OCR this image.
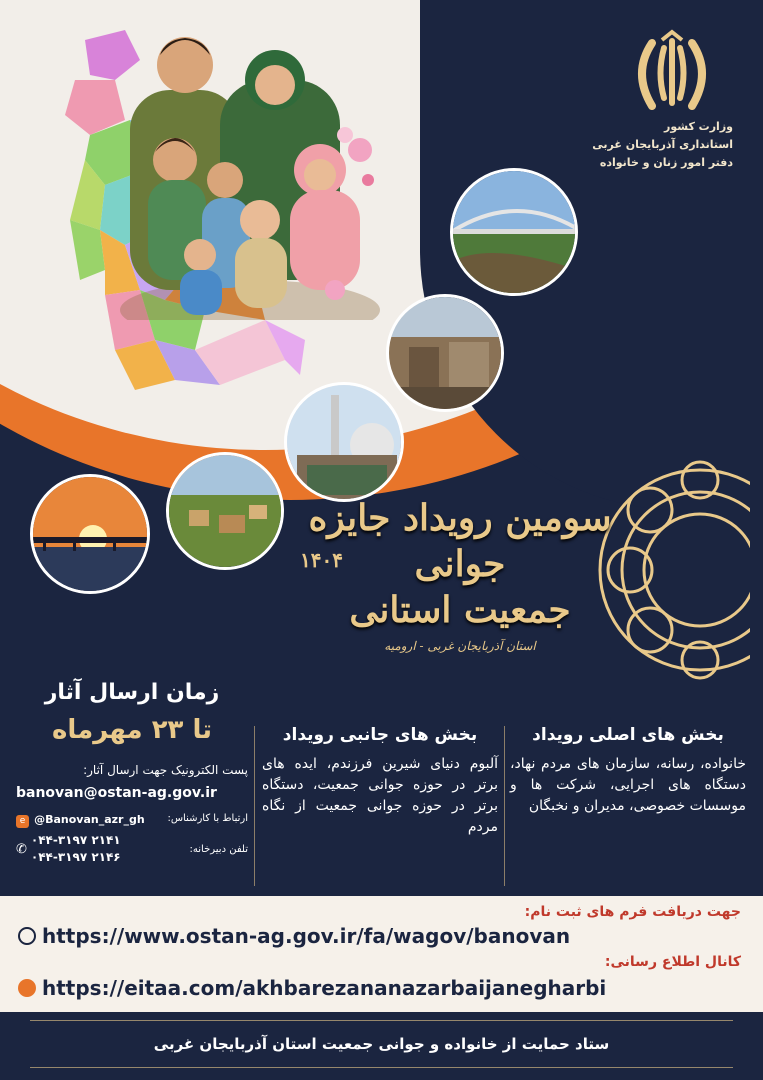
وزارت کشور
استانداری آذربایجان غربی
دفتر امور زنان و خانواده
سومین رویداد جایزه جوانی
جمعیت استانی
استان آذربایجان غربی - ارومیه
۱۴۰۴
زمان ارسال آثار
تا ۲۳ مهرماه
پست الکترونیک جهت ارسال آثار:
banovan@ostan-ag.gov.ir
ارتباط با کارشناس:
e @Banovan_azr_gh
تلفن دبیرخانه:
✆
۰۴۴-۳۱۹۷ ۲۱۴۱
۰۴۴-۳۱۹۷ ۲۱۴۶
بخش های جانبی رویداد
آلبوم دنیای شیرین فرزندم، ایده های برتر در حوزه جوانی جمعیت، دستگاه برتر در حوزه جوانی جمعیت از نگاه مردم
بخش های اصلی رویداد
خانواده، رسانه، سازمان های مردم نهاد، دستگاه های اجرایی، شرکت ها و موسسات خصوصی، مدیران و نخبگان
جهت دریافت فرم های ثبت نام:
https://www.ostan-ag.gov.ir/fa/wagov/banovan
کانال اطلاع رسانی:
https://eitaa.com/akhbarezananazarbaijanegharbi
ستاد حمایت از خانواده و جوانی جمعیت استان آذربایجان غربی
